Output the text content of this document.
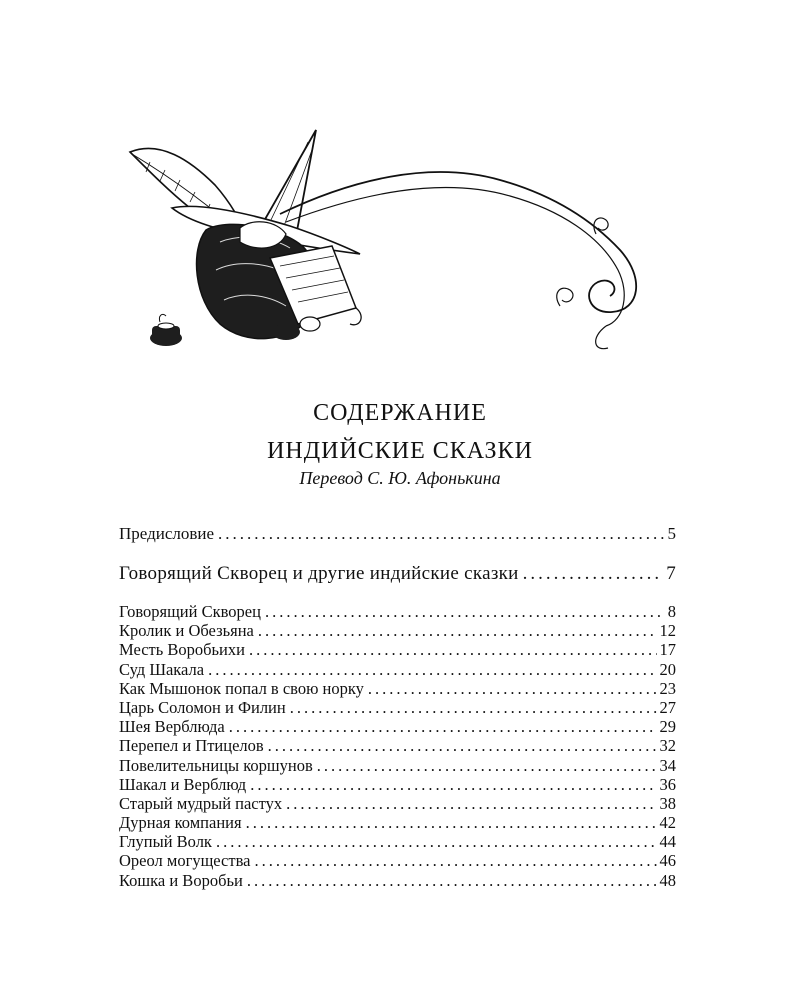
СОДЕРЖАНИЕ
ИНДИЙСКИЕ СКАЗКИ
Перевод С. Ю. Афонькина
Предисловие .....	5
Говорящий Скворец и другие индийские сказки .....	7
Говорящий Скворец .....	8
Кролик и Обезьяна .....	12
Месть Воробьихи .....	17
Суд Шакала .....	20
Как Мышонок попал в свою норку .....	23
Царь Соломон и Филин .....	27
Шея Верблюда .....	29
Перепел и Птицелов .....	32
Повелительницы коршунов .....	34
Шакал и Верблюд .....	36
Старый мудрый пастух .....	38
Дурная компания .....	42
Глупый Волк .....	44
Ореол могущества .....	46
Кошка и Воробьи .....	48
